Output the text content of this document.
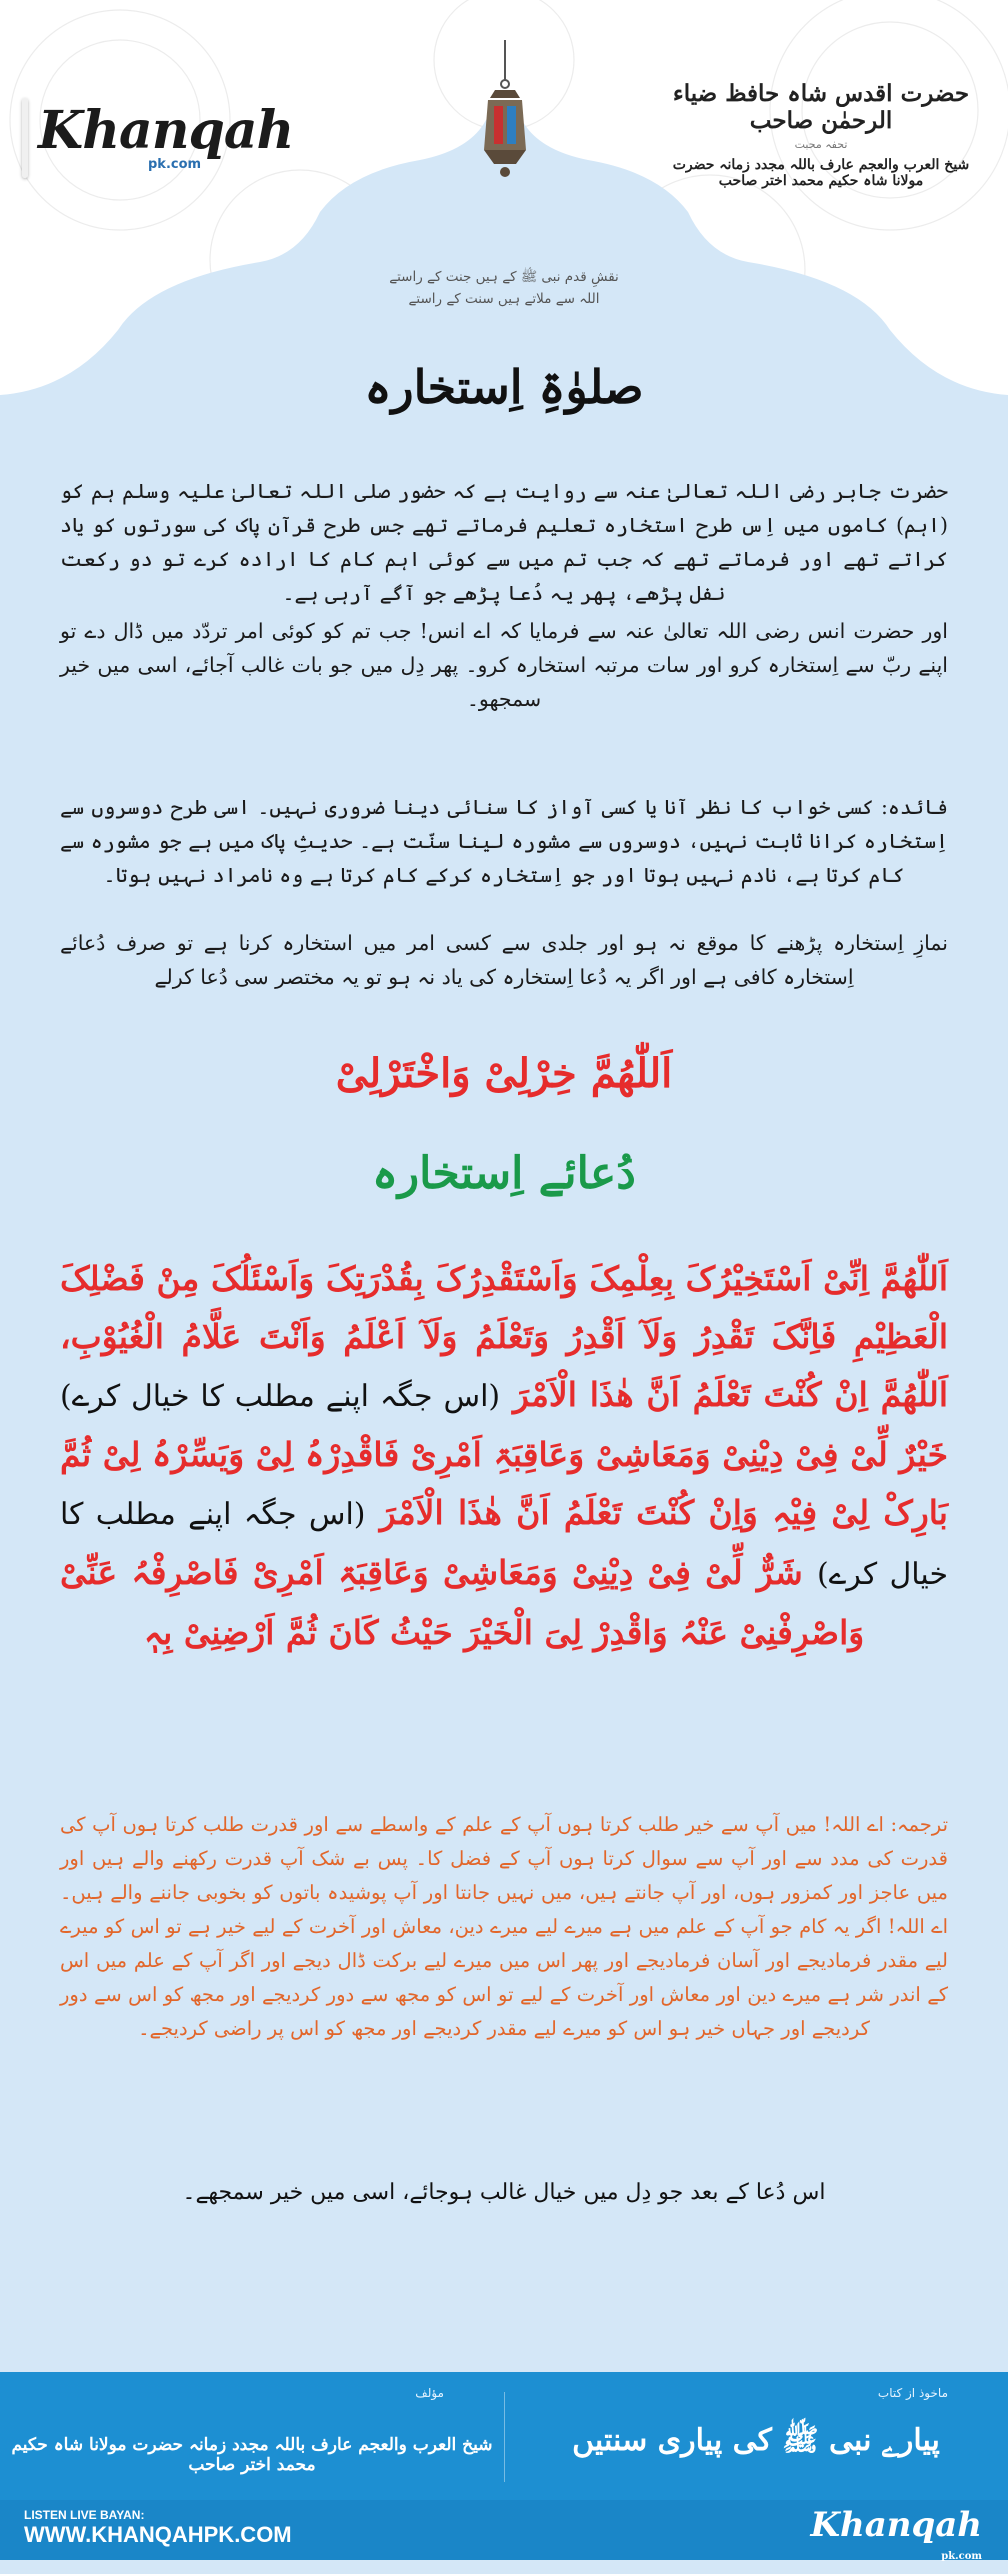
Khanqah
pk.com
حضرت اقدس شاہ حافظ ضیاء الرحمٰن صاحب
تحفہ محبت
شیخ العرب والعجم عارف باللہ مجدد زمانہ حضرت مولانا شاہ حکیم محمد اختر صاحب
نقشِ قدم نبی ﷺ کے ہیں جنت کے راستے
اللہ سے ملاتے ہیں سنت کے راستے
صلوٰۃِ اِستخارہ
حضرت جابر رضی اللہ تعالیٰ عنہ سے روایت ہے کہ حضور صلی اللہ تعالیٰ علیہ وسلم ہم کو (اہم) کاموں میں اِس طرح استخارہ تعلیم فرماتے تھے جس طرح قرآن پاک کی سورتوں کو یاد کراتے تھے اور فرماتے تھے کہ جب تم میں سے کوئی اہم کام کا ارادہ کرے تو دو رکعت نفل پڑھے، پھر یہ دُعا پڑھے جو آگے آرہی ہے۔
اور حضرت انس رضی اللہ تعالیٰ عنہ سے فرمایا کہ اے انس! جب تم کو کوئی امر تردّد میں ڈال دے تو اپنے ربّ سے اِستخارہ کرو اور سات مرتبہ استخارہ کرو۔ پھر دِل میں جو بات غالب آجائے، اسی میں خیر سمجھو۔
فائدہ: کسی خواب کا نظر آنا یا کسی آواز کا سنائی دینا ضروری نہیں۔ اسی طرح دوسروں سے اِستخارہ کرانا ثابت نہیں، دوسروں سے مشورہ لینا سنّت ہے۔ حدیثِ پاک میں ہے جو مشورہ سے کام کرتا ہے، نادم نہیں ہوتا اور جو اِستخارہ کرکے کام کرتا ہے وہ نامراد نہیں ہوتا۔
نمازِ اِستخارہ پڑھنے کا موقع نہ ہو اور جلدی سے کسی امر میں استخارہ کرنا ہے تو صرف دُعائے اِستخارہ کافی ہے اور اگر یہ دُعا اِستخارہ کی یاد نہ ہو تو یہ مختصر سی دُعا کرلے
اَللّٰھُمَّ خِرْلِیْ وَاخْتَرْلِیْ
دُعائے اِستخارہ
اَللّٰھُمَّ اِنِّیْ اَسْتَخِیْرُکَ بِعِلْمِکَ وَاَسْتَقْدِرُکَ بِقُدْرَتِکَ وَاَسْئَلُکَ مِنْ فَضْلِکَ الْعَظِیْمِ فَاِنَّکَ تَقْدِرُ وَلَآ اَقْدِرُ وَتَعْلَمُ وَلَآ اَعْلَمُ وَاَنْتَ عَلَّامُ الْغُیُوْبِ، اَللّٰھُمَّ اِنْ کُنْتَ تَعْلَمُ اَنَّ ھٰذَا الْاَمْرَ (اس جگہ اپنے مطلب کا خیال کرے) خَیْرٌ لِّیْ فِیْ دِیْنِیْ وَمَعَاشِیْ وَعَاقِبَۃِ اَمْرِیْ فَاقْدِرْہُ لِیْ وَیَسِّرْہُ لِیْ ثُمَّ بَارِکْ لِیْ فِیْہِ وَاِنْ کُنْتَ تَعْلَمُ اَنَّ ھٰذَا الْاَمْرَ (اس جگہ اپنے مطلب کا خیال کرے) شَرٌّ لِّیْ فِیْ دِیْنِیْ وَمَعَاشِیْ وَعَاقِبَۃِ اَمْرِیْ فَاصْرِفْہُ عَنِّیْ وَاصْرِفْنِیْ عَنْہُ وَاقْدِرْ لِیَ الْخَیْرَ حَیْثُ کَانَ ثُمَّ اَرْضِنِیْ بِہٖ
ترجمہ: اے اللہ! میں آپ سے خیر طلب کرتا ہوں آپ کے علم کے واسطے سے اور قدرت طلب کرتا ہوں آپ کی قدرت کی مدد سے اور آپ سے سوال کرتا ہوں آپ کے فضل کا۔ پس بے شک آپ قدرت رکھنے والے ہیں اور میں عاجز اور کمزور ہوں، اور آپ جانتے ہیں، میں نہیں جانتا اور آپ پوشیدہ باتوں کو بخوبی جاننے والے ہیں۔ اے اللہ! اگر یہ کام جو آپ کے علم میں ہے میرے لیے میرے دین، معاش اور آخرت کے لیے خیر ہے تو اس کو میرے لیے مقدر فرمادیجے اور آسان فرمادیجے اور پھر اس میں میرے لیے برکت ڈال دیجے اور اگر آپ کے علم میں اس کے اندر شر ہے میرے دین اور معاش اور آخرت کے لیے تو اس کو مجھ سے دور کردیجے اور مجھ کو اس سے دور کردیجے اور جہاں خیر ہو اس کو میرے لیے مقدر کردیجے اور مجھ کو اس پر راضی کردیجے۔
اس دُعا کے بعد جو دِل میں خیال غالب ہوجائے، اسی میں خیر سمجھے۔
مؤلف
شیخ العرب والعجم عارف باللہ مجدد زمانہ حضرت مولانا شاہ حکیم محمد اختر صاحب
ماخوذ از کتاب
پیارے نبی ﷺ کی پیاری سنتیں
LISTEN LIVE BAYAN:
WWW.KHANQAHPK.COM	Khanqah
pk.com
